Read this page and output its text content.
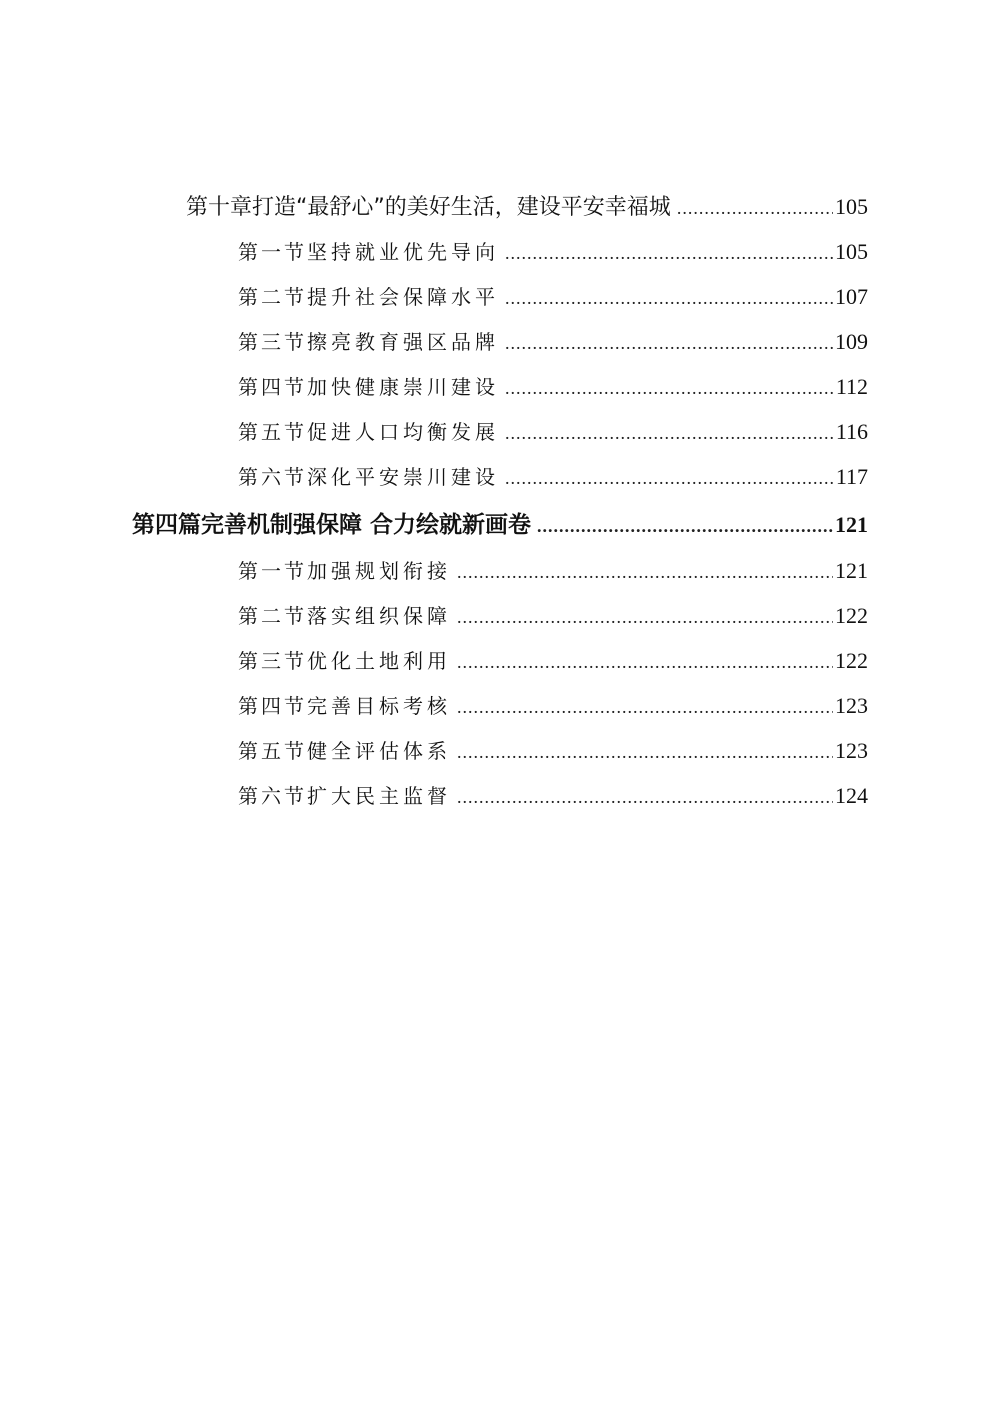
第十章 打造“最舒心”的美好生活，建设平安幸福城 .....	105
第一节 坚持就业优先导向 .....	105
第二节 提升社会保障水平 .....	107
第三节 擦亮教育强区品牌 .....	109
第四节 加快健康崇川建设 .....	112
第五节 促进人口均衡发展 .....	116
第六节 深化平安崇川建设 .....	117
第四篇 完善机制强保障 合力绘就新画卷 .....	121
第一节 加强规划衔接 .....	121
第二节 落实组织保障 .....	122
第三节 优化土地利用 .....	122
第四节 完善目标考核 .....	123
第五节 健全评估体系 .....	123
第六节 扩大民主监督 .....	124
